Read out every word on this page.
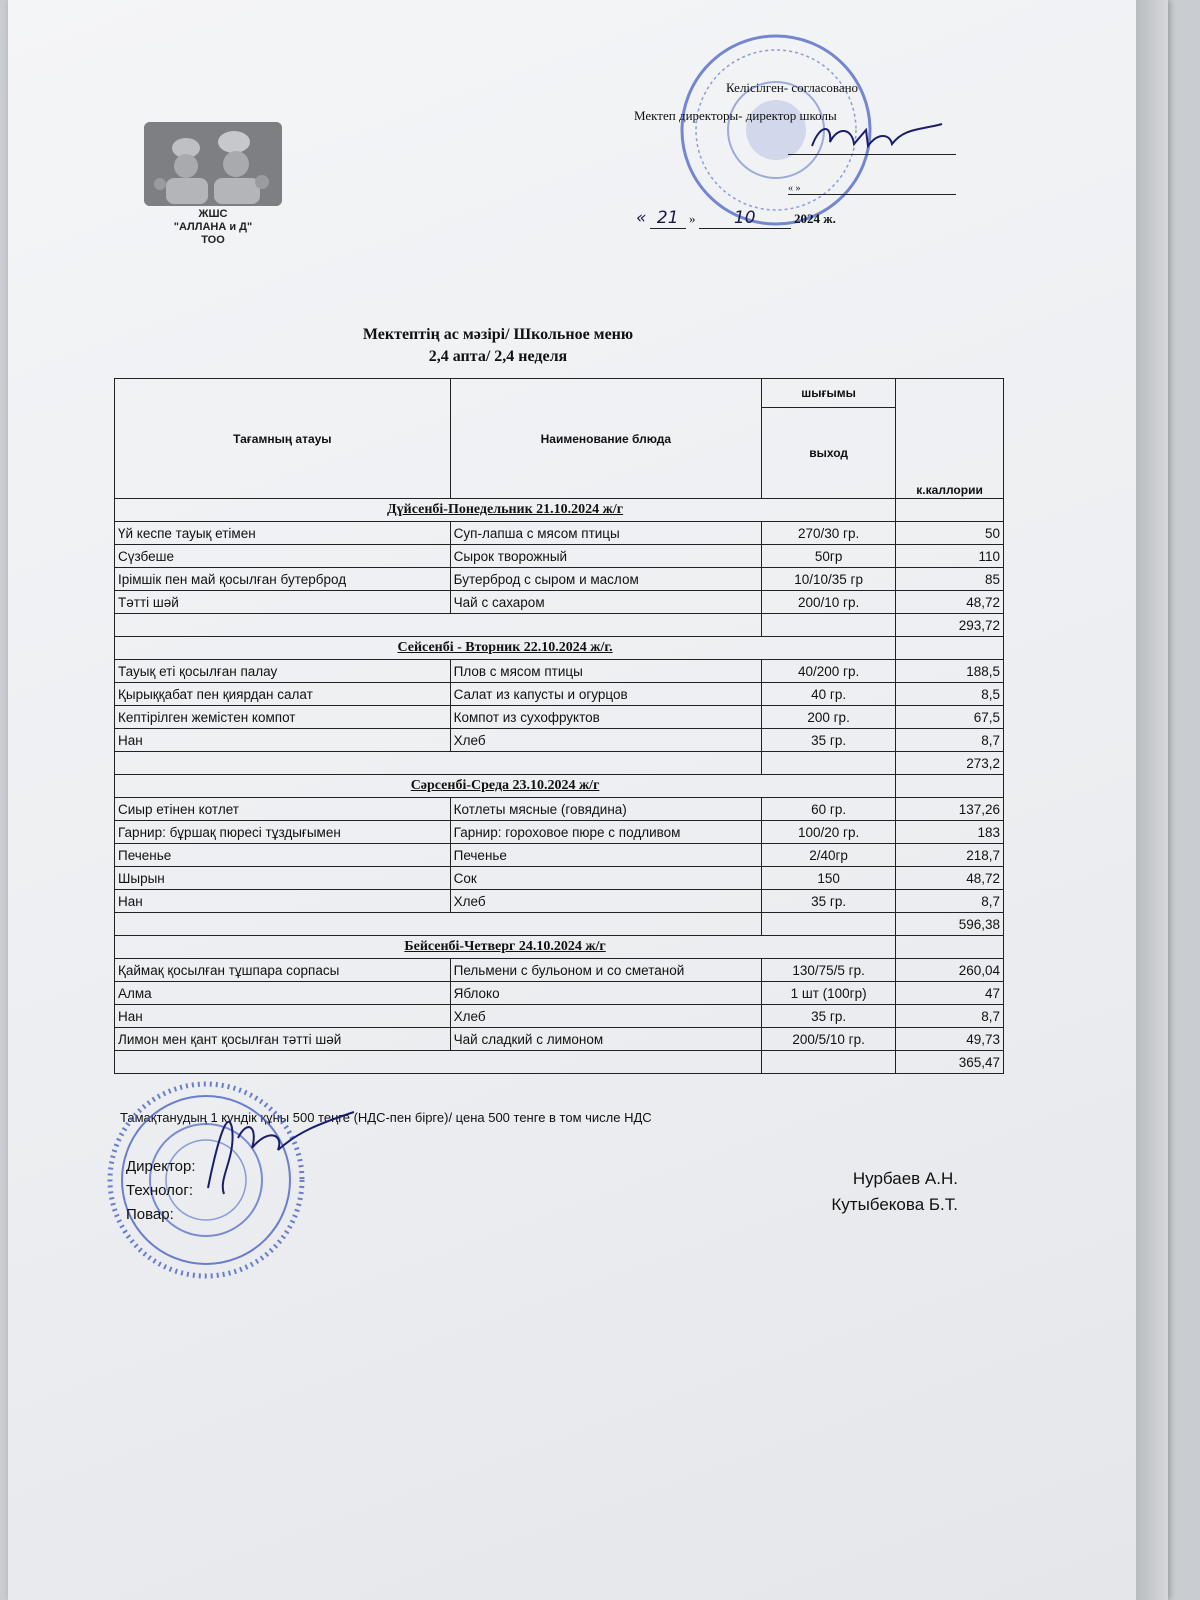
ЖШС
"АЛЛАНА и Д"
ТОО
Келісілген- согласовано
Мектеп директоры- директор школы
« »
« 21 » 10	2024 ж.
Мектептің ас мәзірі/ Школьное меню
2,4 апта/ 2,4 неделя
Тағамның атауы	Наименование блюда	шығымы	к.каллории
		выход	
Дүйсенбі-Понедельник 21.10.2024 ж/г			
Үй кеспе тауық етімен	Суп-лапша с мясом птицы	270/30 гр.	50
Сүзбеше	Сырок творожный	50гр	110
Ірімшік пен май қосылған бутерброд	Бутерброд с сыром и маслом	10/10/35 гр	85
Тәтті шәй	Чай с сахаром	200/10 гр.	48,72
			293,72
Сейсенбі - Вторник 22.10.2024 ж/г.			
Тауық еті қосылған палау	Плов с мясом птицы	40/200 гр.	188,5
Қырыққабат пен қиярдан салат	Салат из капусты и огурцов	40 гр.	8,5
Кептірілген жемістен компот	Компот из сухофруктов	200 гр.	67,5
Нан	Хлеб	35 гр.	8,7
			273,2
Сәрсенбі-Среда 23.10.2024 ж/г			
Сиыр етінен котлет	Котлеты мясные (говядина)	60 гр.	137,26
Гарнир: бұршақ пюресі тұздығымен	Гарнир: гороховое пюре с подливом	100/20 гр.	183
Печенье	Печенье	2/40гр	218,7
Шырын	Сок	150	48,72
Нан	Хлеб	35 гр.	8,7
			596,38
Бейсенбі-Четверг 24.10.2024 ж/г			
Қаймақ қосылған тұшпара сорпасы	Пельмени с бульоном и со сметаной	130/75/5 гр.	260,04
Алма	Яблоко	1 шт (100гр)	47
Нан	Хлеб	35 гр.	8,7
Лимон мен қант қосылған тәтті шәй	Чай сладкий с лимоном	200/5/10 гр.	49,73
			365,47
Тамақтанудың 1 күндік құны 500 теңге (НДС-пен бірге)/ цена 500 тенге в том числе НДС
Директор:
Технолог:
Повар:
Нурбаев А.Н.
Кутыбекова Б.Т.
